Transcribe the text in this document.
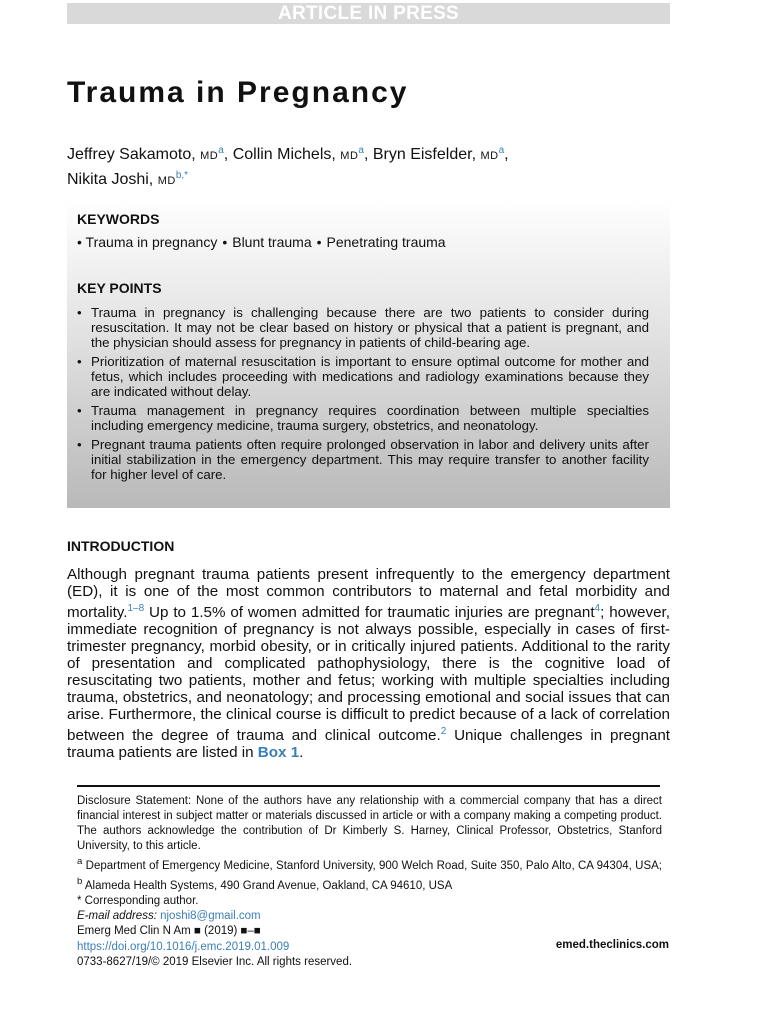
ARTICLE IN PRESS
Trauma in Pregnancy
Jeffrey Sakamoto, MD$^a$, Collin Michels, MD$^a$, Bryn Eisfelder, MD$^a$,
Nikita Joshi, MD$^{b,*}$
KEYWORDS
• Trauma in pregnancy • Blunt trauma • Penetrating trauma
KEY POINTS
• Trauma in pregnancy is challenging because there are two patients to consider during resuscitation. It may not be clear based on history or physical that a patient is pregnant, and the physician should assess for pregnancy in patients of child-bearing age.
• Prioritization of maternal resuscitation is important to ensure optimal outcome for mother and fetus, which includes proceeding with medications and radiology examinations because they are indicated without delay.
• Trauma management in pregnancy requires coordination between multiple specialties including emergency medicine, trauma surgery, obstetrics, and neonatology.
• Pregnant trauma patients often require prolonged observation in labor and delivery units after initial stabilization in the emergency department. This may require transfer to another facility for higher level of care.
INTRODUCTION

Although pregnant trauma patients present infrequently to the emergency department (ED), it is one of the most common contributors to maternal and fetal morbidity and mortality.$^{1-8}$ Up to 1.5% of women admitted for traumatic injuries are pregnant$^4$; however, immediate recognition of pregnancy is not always possible, especially in cases of first-trimester pregnancy, morbid obesity, or in critically injured patients. Additional to the rarity of presentation and complicated pathophysiology, there is the cognitive load of resuscitating two patients, mother and fetus; working with multiple specialties including trauma, obstetrics, and neonatology; and processing emotional and social issues that can arise. Furthermore, the clinical course is difficult to predict because of a lack of correlation between the degree of trauma and clinical outcome.$^2$ Unique challenges in pregnant trauma patients are listed in Box 1.

Disclosure Statement: None of the authors have any relationship with a commercial company that has a direct financial interest in subject matter or materials discussed in article or with a company making a competing product. The authors acknowledge the contribution of Dr Kimberly S. Harney, Clinical Professor, Obstetrics, Stanford University, to this article.

$^a$ Department of Emergency Medicine, Stanford University, 900 Welch Road, Suite 350, Palo Alto, CA 94304, USA; $^b$ Alameda Health Systems, 490 Grand Avenue, Oakland, CA 94610, USA

* Corresponding author.

E-mail address: njoshi8@gmail.com

Emerg Med Clin N Am ■ (2019) ■–■
https://doi.org/10.1016/j.emc.2019.01.009
0733-8627/19/© 2019 Elsevier Inc. All rights reserved.
emed.theclinics.com
